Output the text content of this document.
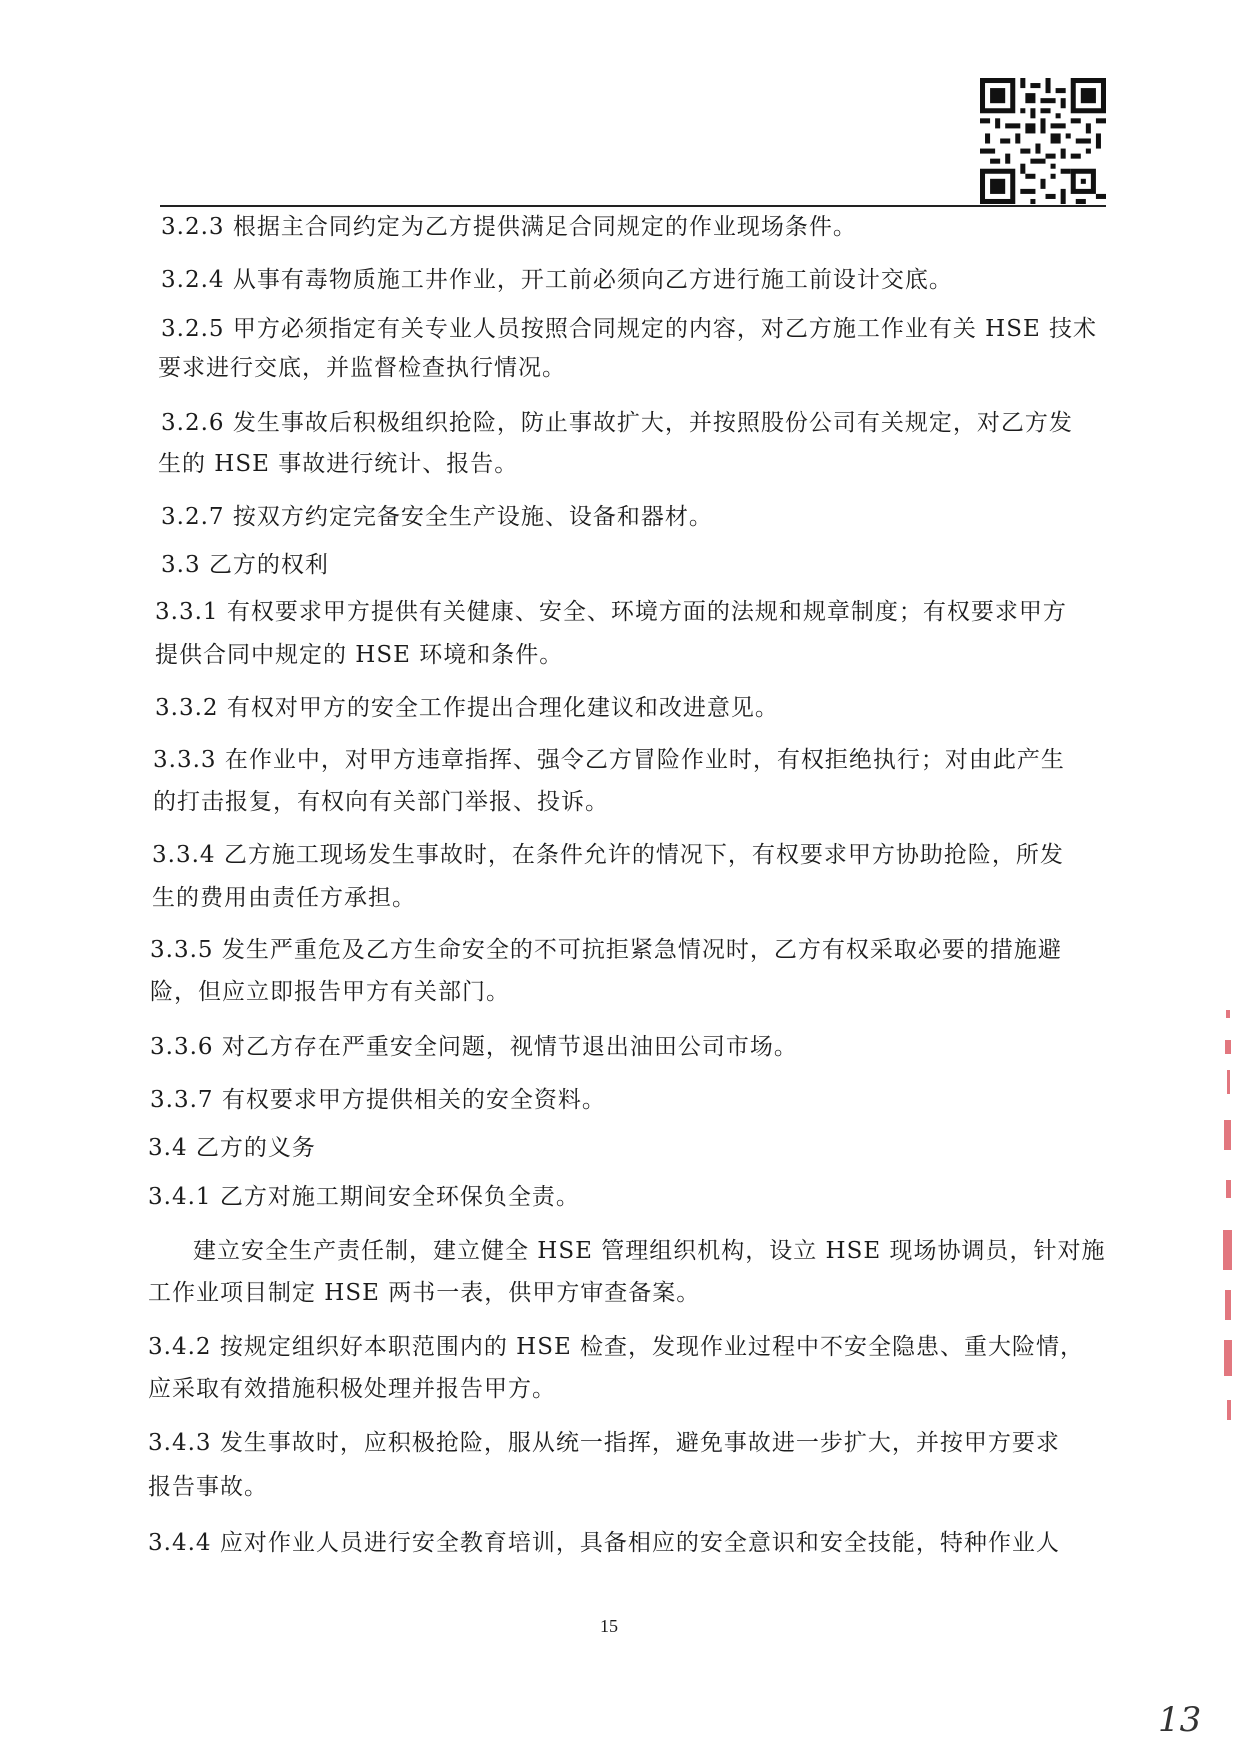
3.2.3 根据主合同约定为乙方提供满足合同规定的作业现场条件。
3.2.4 从事有毒物质施工井作业，开工前必须向乙方进行施工前设计交底。
3.2.5 甲方必须指定有关专业人员按照合同规定的内容，对乙方施工作业有关 HSE 技术
要求进行交底，并监督检查执行情况。
3.2.6 发生事故后积极组织抢险，防止事故扩大，并按照股份公司有关规定，对乙方发
生的 HSE 事故进行统计、报告。
3.2.7 按双方约定完备安全生产设施、设备和器材。
3.3 乙方的权利
3.3.1 有权要求甲方提供有关健康、安全、环境方面的法规和规章制度；有权要求甲方
提供合同中规定的 HSE 环境和条件。
3.3.2 有权对甲方的安全工作提出合理化建议和改进意见。
3.3.3 在作业中，对甲方违章指挥、强令乙方冒险作业时，有权拒绝执行；对由此产生
的打击报复，有权向有关部门举报、投诉。
3.3.4 乙方施工现场发生事故时，在条件允许的情况下，有权要求甲方协助抢险，所发
生的费用由责任方承担。
3.3.5 发生严重危及乙方生命安全的不可抗拒紧急情况时，乙方有权采取必要的措施避
险，但应立即报告甲方有关部门。
3.3.6 对乙方存在严重安全问题，视情节退出油田公司市场。
3.3.7 有权要求甲方提供相关的安全资料。
3.4 乙方的义务
3.4.1 乙方对施工期间安全环保负全责。
建立安全生产责任制，建立健全 HSE 管理组织机构，设立 HSE 现场协调员，针对施
工作业项目制定 HSE 两书一表，供甲方审查备案。
3.4.2 按规定组织好本职范围内的 HSE 检查，发现作业过程中不安全隐患、重大险情，
应采取有效措施积极处理并报告甲方。
3.4.3 发生事故时，应积极抢险，服从统一指挥，避免事故进一步扩大，并按甲方要求
报告事故。
3.4.4 应对作业人员进行安全教育培训，具备相应的安全意识和安全技能，特种作业人
15
13
